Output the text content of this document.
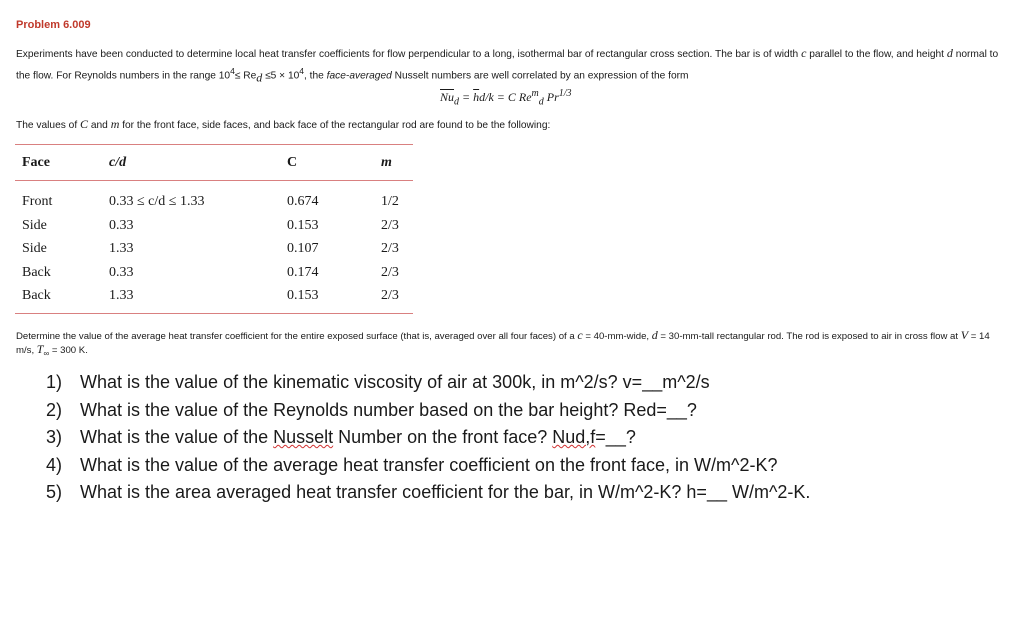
Problem 6.009
Experiments have been conducted to determine local heat transfer coefficients for flow perpendicular to a long, isothermal bar of rectangular cross section. The bar is of width c parallel to the flow, and height d normal to the flow. For Reynolds numbers in the range $10^4\le Re_d \le 5 \times 10^4$, the face-averaged Nusselt numbers are well correlated by an expression of the form
$\overline{Nu}_d = \overline{h}d/k = C$ $Re^m_d$ $Pr^{1/3}$
The values of C and m for the front face, side faces, and back face of the rectangular rod are found to be the following:
Face	c/d	C	m
Front	0.33 ≤ c/d ≤ 1.33	0.674	1/2
Side	0.33	0.153	2/3
Side	1.33	0.107	2/3
Back	0.33	0.174	2/3
Back	1.33	0.153	2/3
Determine the value of the average heat transfer coefficient for the entire exposed surface (that is, averaged over all four faces) of a c = 40-mm-wide, d = 30-mm-tall rectangular rod. The rod is exposed to air in cross flow at V = 14 m/s, $T_\infty = 300$ K.
1) What is the value of the kinematic viscosity of air at 300k, in m^2/s? v=__m^2/s
2) What is the value of the Reynolds number based on the bar height? Red=__?
3) What is the value of the Nusselt Number on the front face? Nud,f=__?
4) What is the value of the average heat transfer coefficient on the front face, in W/m^2-K?
5) What is the area averaged heat transfer coefficient for the bar, in W/m^2-K? h=__ W/m^2-K.
